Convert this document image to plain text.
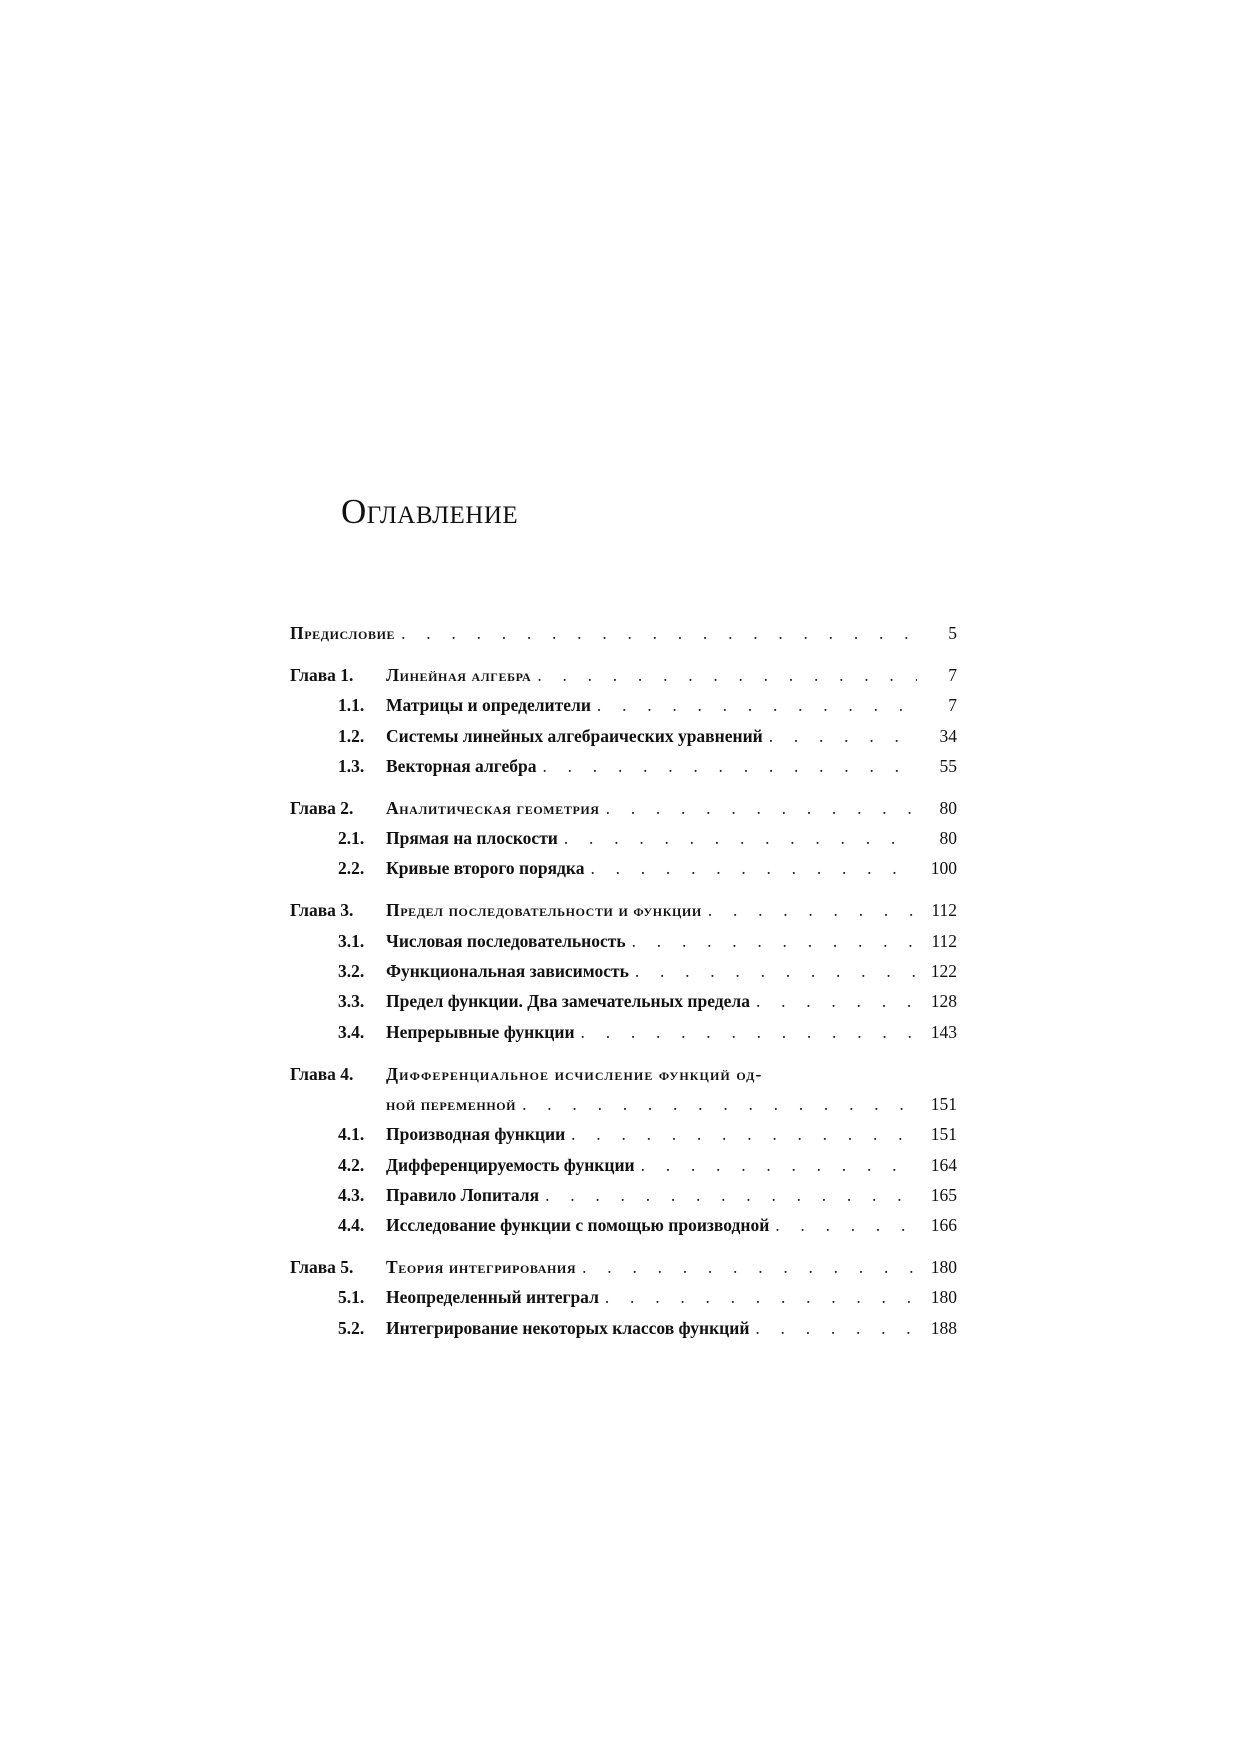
Оглавление
Предисловие . . .	5
Глава 1. Линейная алгебра . . .	7
1.1. Матрицы и определители . . .	7
1.2. Системы линейных алгебраических уравнений . . .	34
1.3. Векторная алгебра . . .	55
Глава 2. Аналитическая геометрия . . .	80
2.1. Прямая на плоскости . . .	80
2.2. Кривые второго порядка . . .	100
Глава 3. Предел последовательности и функции . . .	112
3.1. Числовая последовательность . . .	112
3.2. Функциональная зависимость . . .	122
3.3. Предел функции. Два замечательных предела . . .	128
3.4. Непрерывные функции . . .	143
Глава 4. Дифференциальное исчисление функций од-
ной переменной . . .	151
4.1. Производная функции . . .	151
4.2. Дифференцируемость функции . . .	164
4.3. Правило Лопиталя . . .	165
4.4. Исследование функции с помощью производной . . .	166
Глава 5. Теория интегрирования . . .	180
5.1. Неопределенный интеграл . . .	180
5.2. Интегрирование некоторых классов функций . . .	188
